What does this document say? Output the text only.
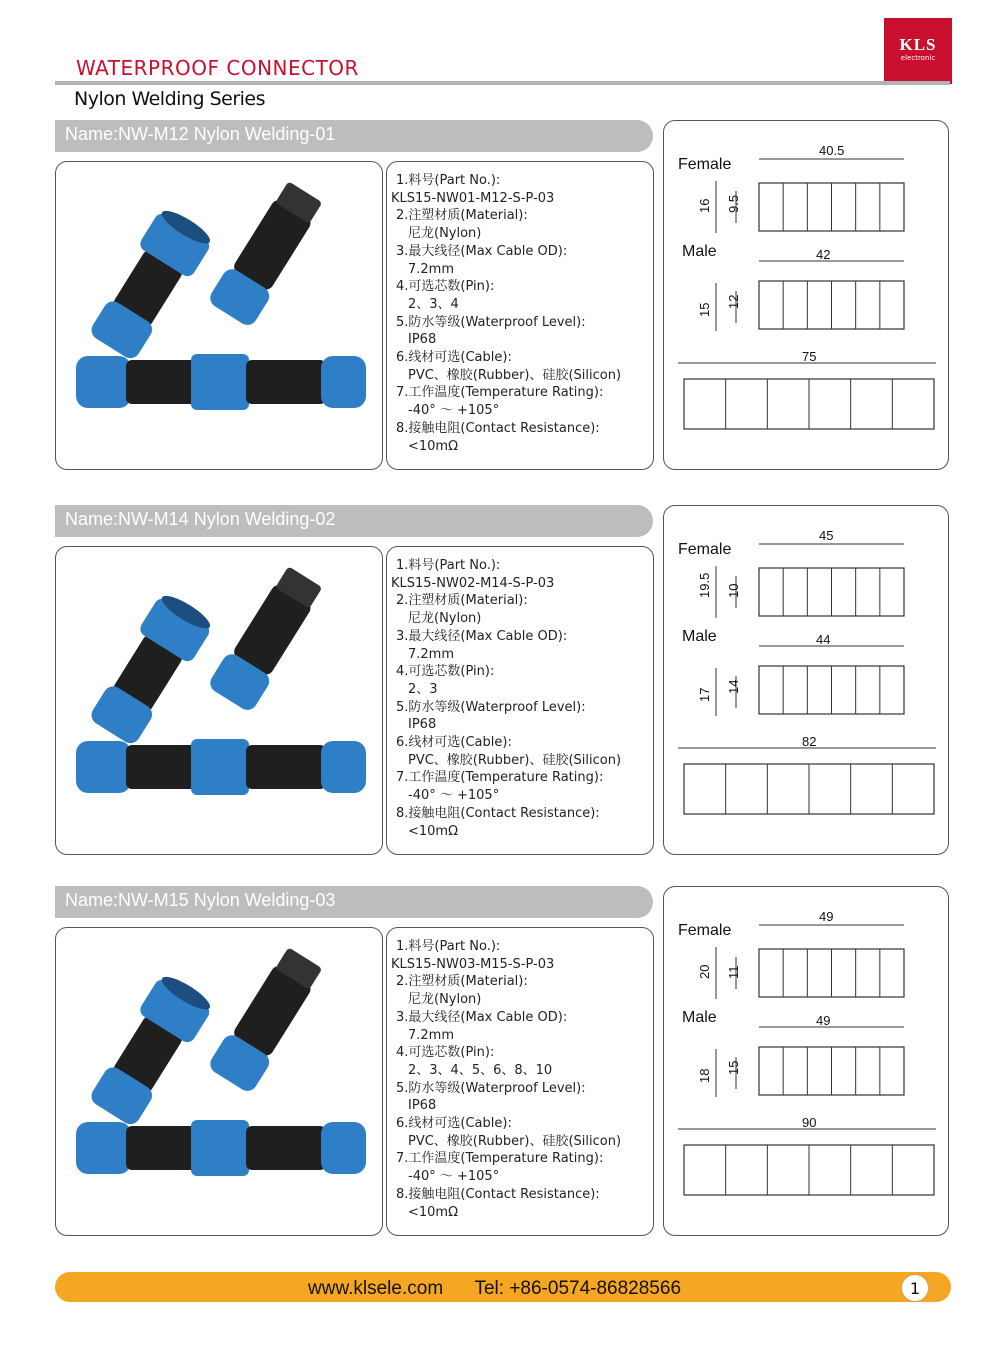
KLS
electronic
WATERPROOF CONNECTOR
Nylon Welding Series
Name:NW-M12 Nylon Welding-01
1.料号(Part No.):
KLS15-NW01-M12-S-P-03
2.注塑材质(Material):
尼龙(Nylon)
3.最大线径(Max Cable OD):
7.2mm
4.可选芯数(Pin):
2、3、4
5.防水等级(Waterproof Level):
IP68
6.线材可选(Cable):
PVC、橡胶(Rubber)、硅胶(Silicon)
7.工作温度(Temperature Rating):
-40° ～ +105°
8.接触电阻(Contact Resistance):
<10mΩ
Female
40.5
16 9.5
Male	42
15
12
75
Name:NW-M14 Nylon Welding-02
1.料号(Part No.):
KLS15-NW02-M14-S-P-03
2.注塑材质(Material):
尼龙(Nylon)
3.最大线径(Max Cable OD):
7.2mm
4.可选芯数(Pin):
2、3
5.防水等级(Waterproof Level):
IP68
6.线材可选(Cable):
PVC、橡胶(Rubber)、硅胶(Silicon)
7.工作温度(Temperature Rating):
-40° ～ +105°
8.接触电阻(Contact Resistance):
<10mΩ
Female
45
19.5 10
Male	44
17
14
82
Name:NW-M15 Nylon Welding-03
1.料号(Part No.):
KLS15-NW03-M15-S-P-03
2.注塑材质(Material):
尼龙(Nylon)
3.最大线径(Max Cable OD):
7.2mm
4.可选芯数(Pin):
2、3、4、5、6、8、10
5.防水等级(Waterproof Level):
IP68
6.线材可选(Cable):
PVC、橡胶(Rubber)、硅胶(Silicon)
7.工作温度(Temperature Rating):
-40° ～ +105°
8.接触电阻(Contact Resistance):
<10mΩ
Female
49
20 11
Male	49
18
15
90
www.klsele.com      Tel: +86-0574-86828566	1
